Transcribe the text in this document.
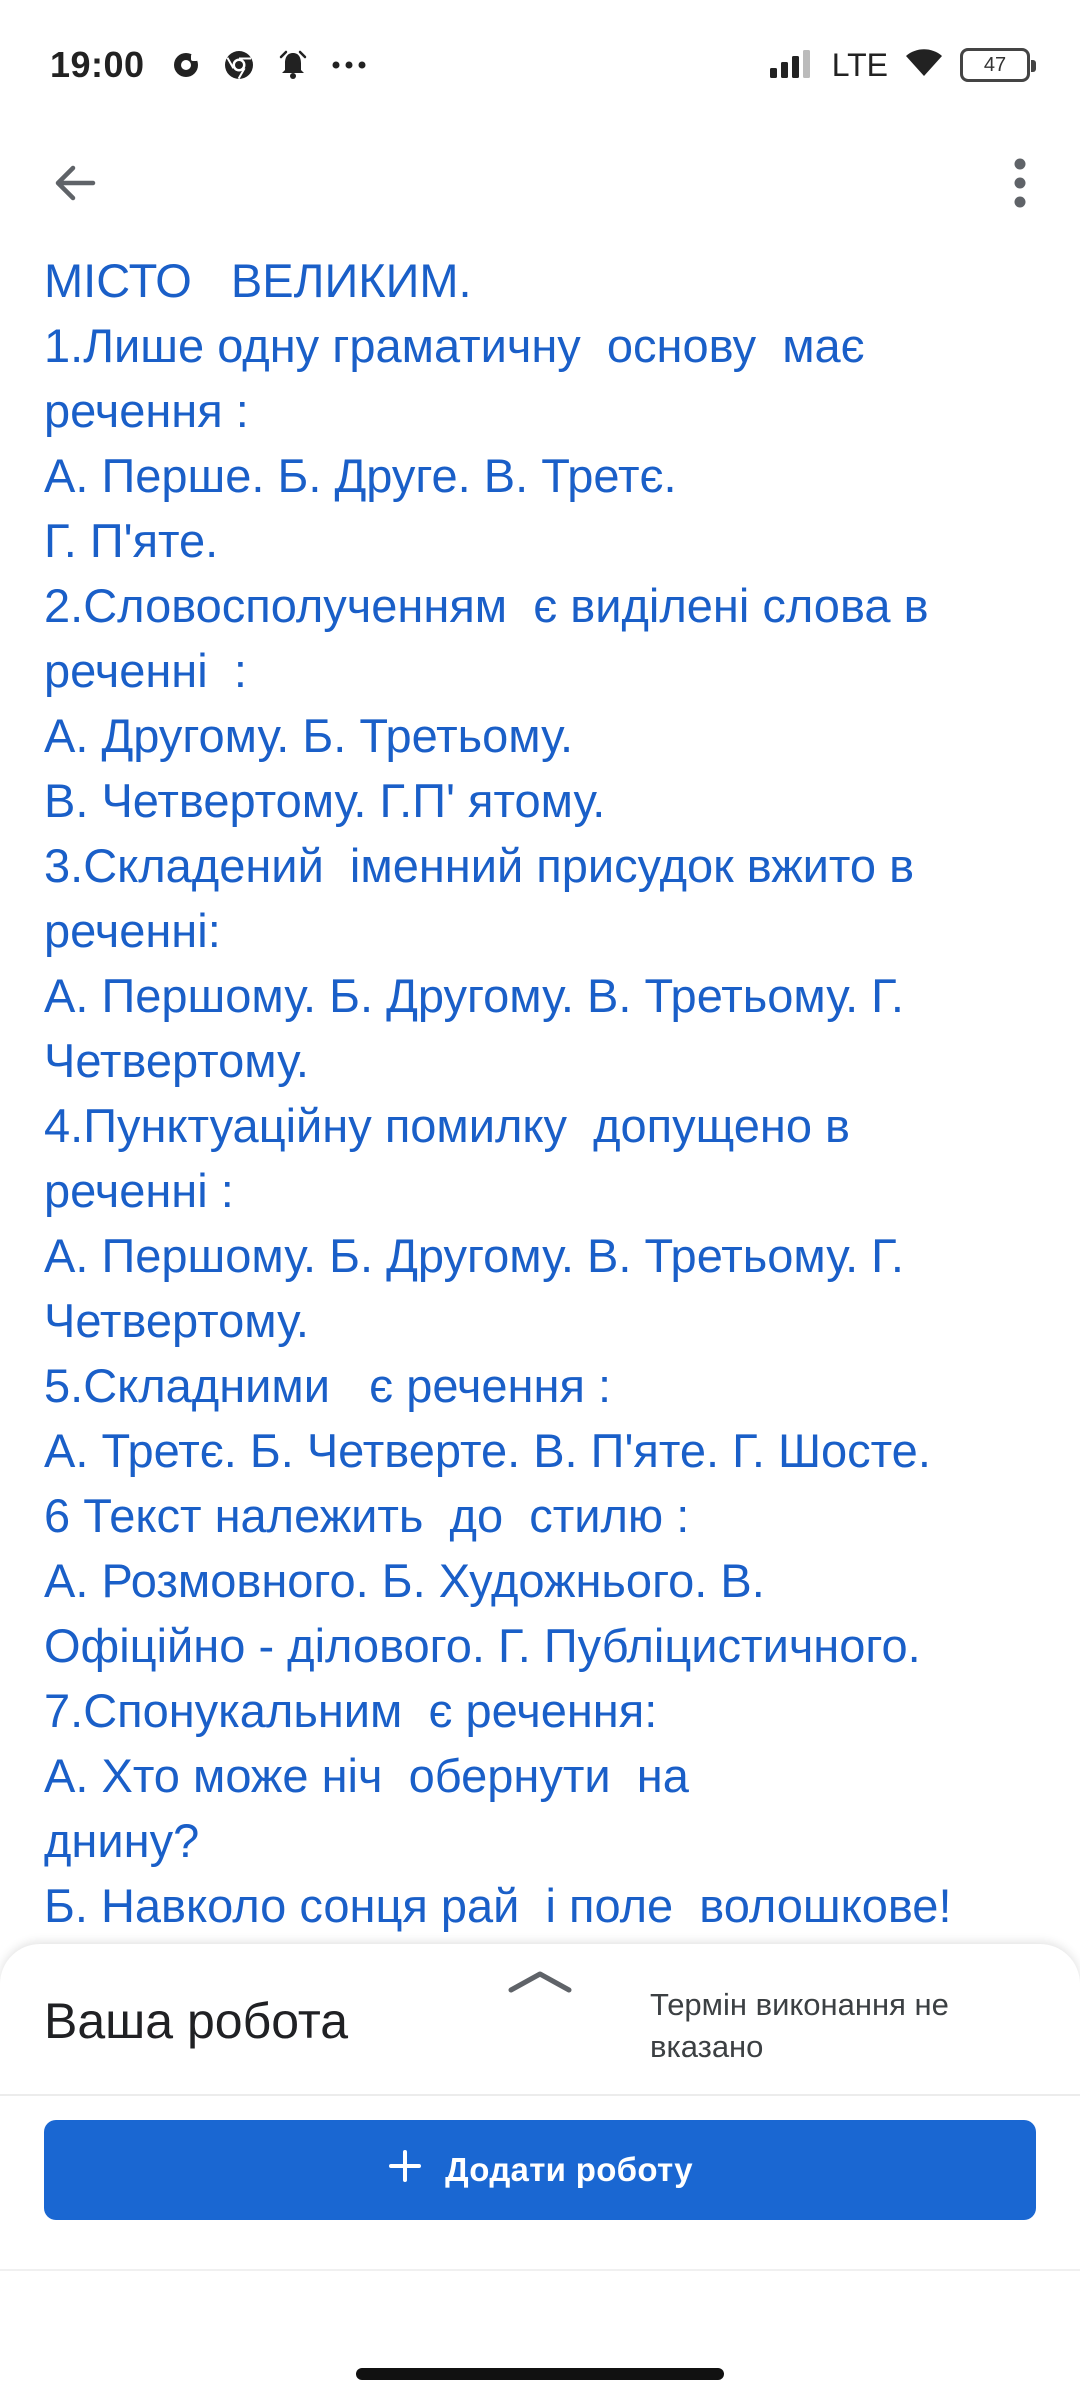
19:00	LTE	47
МІСТО   ВЕЛИКИМ.
1.Лише одну граматичну  основу  має
речення :
А. Перше. Б. Друге. В. Третє.
Г. П'яте.
2.Словосполученням  є виділені слова в
реченні  :
А. Другому. Б. Третьому.
В. Четвертому. Г.П' ятому.
3.Складений  іменний присудок вжито в
реченні:
А. Першому. Б. Другому. В. Третьому. Г.
Четвертому.
4.Пунктуаційну помилку  допущено в
реченні :
А. Першому. Б. Другому. В. Третьому. Г.
Четвертому.
5.Складними   є речення :
А. Третє. Б. Четверте. В. П'яте. Г. Шосте.
6 Текст належить  до  стилю :
А. Розмовного. Б. Художнього. В.
Офіційно - ділового. Г. Публіцистичного.
7.Спонукальним  є речення:
А. Хто може ніч  обернути  на
днину?
Б. Навколо сонця рай  і поле  волошкове!
Ваша робота	Термін виконання не вказано
Додати роботу
